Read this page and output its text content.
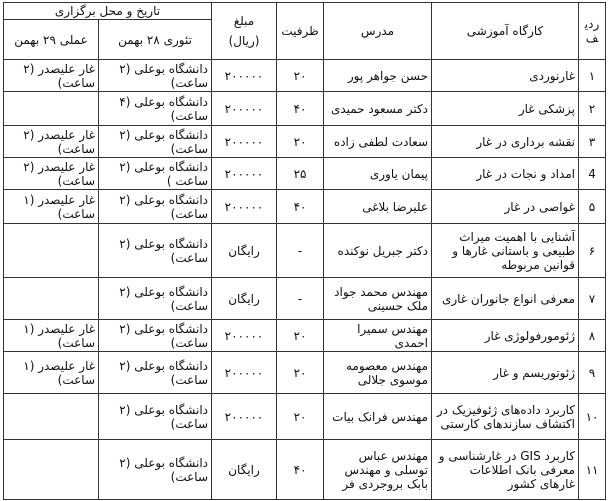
ردیف	کارگاه آموزشی	مدرس	ظرفیت	مبلغ
(ریال)	تاریخ و محل برگزاری	
					تئوری ۲۸ بهمن	عملی ۲۹ بهمن
۱	غارنوردی	حسن جواهر پور	۲۰	۲۰۰۰۰۰	دانشگاه بوعلی (۲ ساعت)	غار علیصدر (۲ ساعت)
۲	پزشکی غار	دکتر مسعود حمیدی	۴۰	۲۰۰۰۰۰	دانشگاه بوعلی (۴ ساعت)	
۳	نقشه برداری در غار	سعادت لطفی زاده	۲۰	۲۰۰۰۰۰	دانشگاه بوعلی (۲ ساعت)	غار علیصدر (۲ ساعت)
4	امداد و نجات در غار	پیمان یاوری	۲۵	۲۰۰۰۰۰	دانشگاه بوعلی (۲ ساعت )	غار علیصدر (۲ ساعت)
۵	غواصی در غار	علیرضا بلاغی	۴۰	۲۰۰۰۰۰	دانشگاه بوعلی (۲ ساعت)	غار علیصدر (۱ ساعت)
۶	آشنایی با اهمیت میراث طبیعی و باستانی غارها و قوانین مربوطه	دکتر جبریل نوکنده	-	رایگان	دانشگاه بوعلی (۲ ساعت)	
۷	معرفی انواع جانوران غاری	مهندس محمد جواد ملک حسینی	-	رایگان	دانشگاه بوعلی (۲ ساعت)	
۸	ژئومورفولوژی غار	مهندس سمیرا احمدی	۲۰	۲۰۰۰۰۰	دانشگاه بوعلی (۲ ساعت)	غار علیصدر (۱ ساعت)
۹	ژئوتوریسم و غار	مهندس معصومه موسوی جلالی	۲۰	۲۰۰۰۰۰	دانشگاه بوعلی (۲ ساعت)	غار علیصدر (۱ ساعت)
۱۰	کاربرد داده‌های ژئوفیزیک در اکتشاف سازندهای کارستی	مهندس فرانک بیات	۲۰	۲۰۰۰۰۰	دانشگاه بوعلی (۲ ساعت)	
۱۱	کاربرد GIS در غارشناسی و معرفی بانک اطلاعات غارهای کشور	مهندس عباس توسلی و مهندس بابک بروجردی فر	۴۰	رایگان	دانشگاه بوعلی (۲ ساعت)	
